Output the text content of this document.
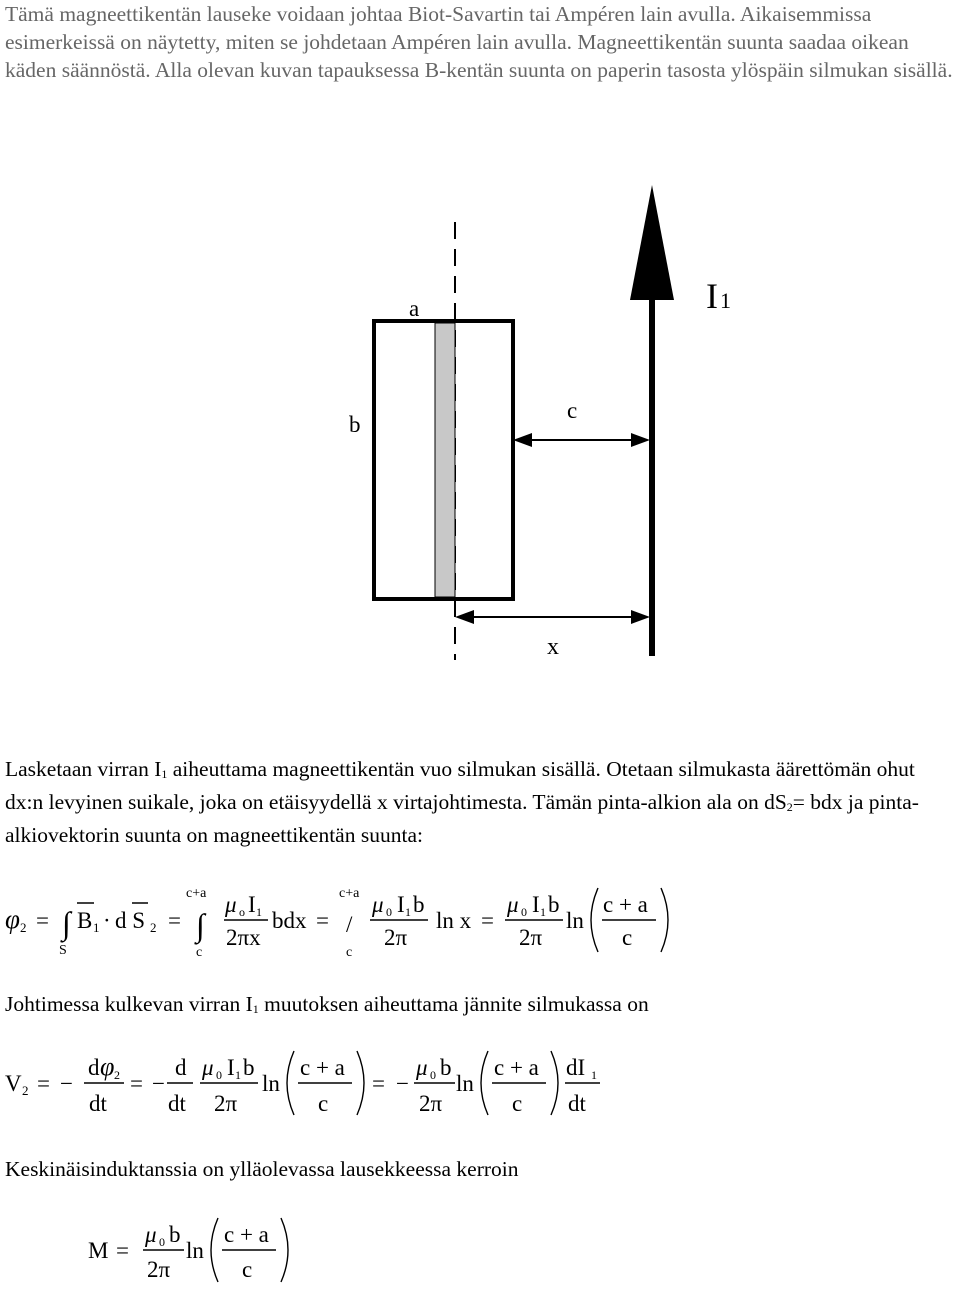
Tämä magneettikentän lauseke voidaan johtaa Biot-Savartin tai Ampéren lain avulla. Aikaisemmissa esimerkeissä on näytetty, miten se johdetaan Ampéren lain avulla. Magneettikentän suunta saadaa oikean käden säännöstä. Alla olevan kuvan tapauksessa B-kentän suunta on paperin tasosta ylöspäin silmukan sisällä.

a
b
c
x
I1

Lasketaan virran $I_1$ aiheuttama magneettikentän vuo silmukan sisällä. Otetaan silmukasta äärettömän ohut dx:n levyinen suikale, joka on etäisyydellä x virtajohtimesta. Tämän pinta-alkion ala on $dS_2=$ bdx ja pinta-alkiovektorin suunta on magneettikentän suunta:

φ 2 = ∫
S
B 1 · d S 2 =
c+a
∫
c
μ o I 1
2πx
bdx =
c+a
/
c
μ 0 I 1 b
2π
ln x =
μ 0 I 1 b
2π
ln
c + a
c

Johtimessa kulkevan virran $I_1$ muutoksen aiheuttama jännite silmukassa on

V 2 = −
d φ 2
dt
= −
d
dt
μ 0 I 1 b
2π
ln
c + a
c
= −
μ 0 b
2π
ln
c + a
c
dI 1
dt

Keskinäisinduktanssia on ylläolevassa lausekkeessa kerroin

M =
μ 0 b
2π
ln
c + a
c
